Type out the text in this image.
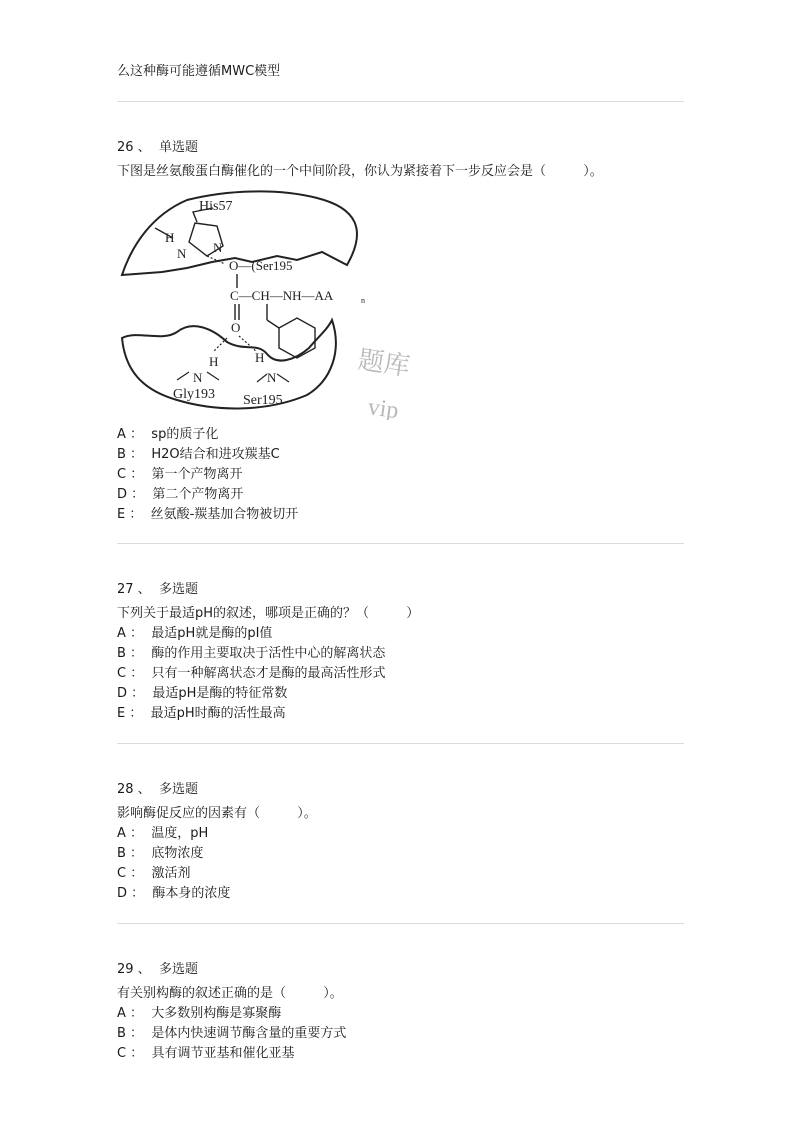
么这种酶可能遵循MWC模型
26 、  单选题
下图是丝氨酸蛋白酶催化的一个中间阶段，你认为紧接着下一步反应会是（         ）。
His57
H
N N
O—(Ser195
C—CH—NH—AA	n
O
H
N
H
Gly193
N
Ser195
题库
vip
A ：  sp的质子化
B ：  H2O结合和进攻羰基C
C ：  第一个产物离开
D ：  第二个产物离开
E ：  丝氨酸-羰基加合物被切开
27 、  多选题
下列关于最适pH的叙述，哪项是正确的？（         ）
A ：  最适pH就是酶的pI值
B ：  酶的作用主要取决于活性中心的解离状态
C ：  只有一种解离状态才是酶的最高活性形式
D ：  最适pH是酶的特征常数
E ：  最适pH时酶的活性最高
28 、  多选题
影响酶促反应的因素有（         ）。
A ：  温度，pH
B ：  底物浓度
C ：  激活剂
D ：  酶本身的浓度
29 、  多选题
有关别构酶的叙述正确的是（         ）。
A ：  大多数别构酶是寡聚酶
B ：  是体内快速调节酶含量的重要方式
C ：  具有调节亚基和催化亚基
